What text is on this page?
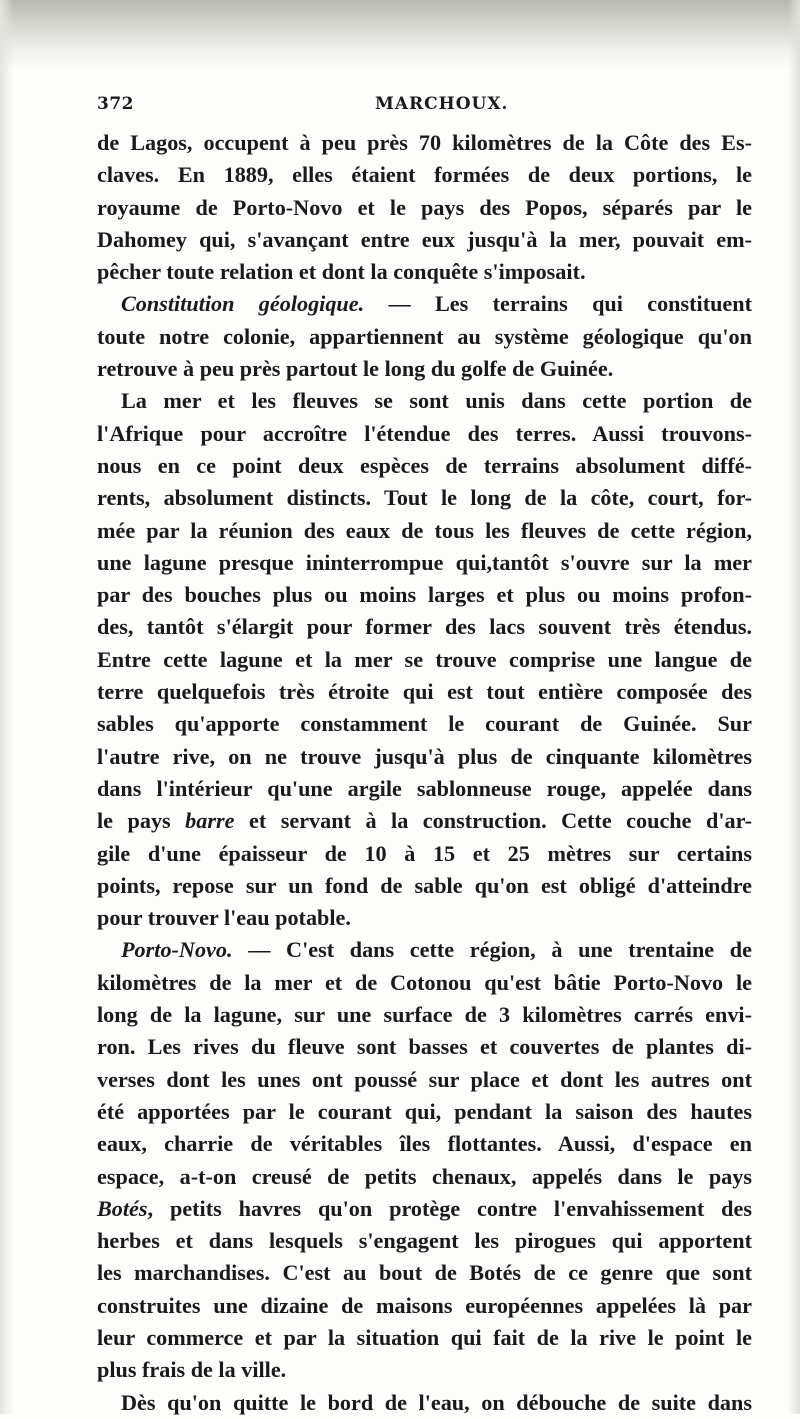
372	MARCHOUX.
de Lagos, occupent à peu près 70 kilomètres de la Côte des Es-
claves. En 1889, elles étaient formées de deux portions, le
royaume de Porto-Novo et le pays des Popos, séparés par le
Dahomey qui, s'avançant entre eux jusqu'à la mer, pouvait em-
pêcher toute relation et dont la conquête s'imposait.
Constitution géologique. — Les terrains qui constituent
toute notre colonie, appartiennent au système géologique qu'on
retrouve à peu près partout le long du golfe de Guinée.
La mer et les fleuves se sont unis dans cette portion de
l'Afrique pour accroître l'étendue des terres. Aussi trouvons-
nous en ce point deux espèces de terrains absolument diffé-
rents, absolument distincts. Tout le long de la côte, court, for-
mée par la réunion des eaux de tous les fleuves de cette région,
une lagune presque ininterrompue qui,tantôt s'ouvre sur la mer
par des bouches plus ou moins larges et plus ou moins profon-
des, tantôt s'élargit pour former des lacs souvent très étendus.
Entre cette lagune et la mer se trouve comprise une langue de
terre quelquefois très étroite qui est tout entière composée des
sables qu'apporte constamment le courant de Guinée. Sur
l'autre rive, on ne trouve jusqu'à plus de cinquante kilomètres
dans l'intérieur qu'une argile sablonneuse rouge, appelée dans
le pays barre et servant à la construction. Cette couche d'ar-
gile d'une épaisseur de 10 à 15 et 25 mètres sur certains
points, repose sur un fond de sable qu'on est obligé d'atteindre
pour trouver l'eau potable.
Porto-Novo. — C'est dans cette région, à une trentaine de
kilomètres de la mer et de Cotonou qu'est bâtie Porto-Novo le
long de la lagune, sur une surface de 3 kilomètres carrés envi-
ron. Les rives du fleuve sont basses et couvertes de plantes di-
verses dont les unes ont poussé sur place et dont les autres ont
été apportées par le courant qui, pendant la saison des hautes
eaux, charrie de véritables îles flottantes. Aussi, d'espace en
espace, a-t-on creusé de petits chenaux, appelés dans le pays
Botés, petits havres qu'on protège contre l'envahissement des
herbes et dans lesquels s'engagent les pirogues qui apportent
les marchandises. C'est au bout de Botés de ce genre que sont
construites une dizaine de maisons européennes appelées là par
leur commerce et par la situation qui fait de la rive le point le
plus frais de la ville.
Dès qu'on quitte le bord de l'eau, on débouche de suite dans
